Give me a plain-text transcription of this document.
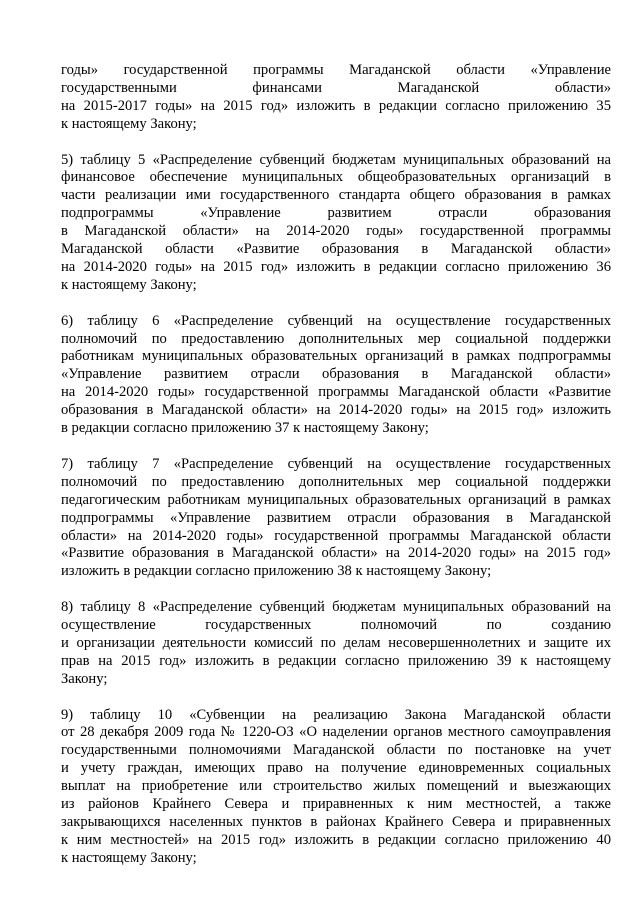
годы» государственной программы Магаданской области «Управление
государственными финансами Магаданской области»
на 2015-2017 годы» на 2015 год» изложить в редакции согласно приложению 35
к настоящему Закону;

5) таблицу 5 «Распределение субвенций бюджетам муниципальных образований на
финансовое обеспечение муниципальных общеобразовательных организаций в
части реализации ими государственного стандарта общего образования в рамках
подпрограммы «Управление развитием отрасли образования
в Магаданской области» на 2014-2020 годы» государственной программы
Магаданской области «Развитие образования в Магаданской области»
на 2014-2020 годы» на 2015 год» изложить в редакции согласно приложению 36
к настоящему Закону;

6) таблицу 6 «Распределение субвенций на осуществление государственных
полномочий по предоставлению дополнительных мер социальной поддержки
работникам муниципальных образовательных организаций в рамках подпрограммы
«Управление развитием отрасли образования в Магаданской области»
на 2014-2020 годы» государственной программы Магаданской области «Развитие
образования в Магаданской области» на 2014-2020 годы» на 2015 год» изложить
в редакции согласно приложению 37 к настоящему Закону;

7) таблицу 7 «Распределение субвенций на осуществление государственных
полномочий по предоставлению дополнительных мер социальной поддержки
педагогическим работникам муниципальных образовательных организаций в рамках
подпрограммы «Управление развитием отрасли образования в Магаданской
области» на 2014-2020 годы» государственной программы Магаданской области
«Развитие образования в Магаданской области» на 2014-2020 годы» на 2015 год»
изложить в редакции согласно приложению 38 к настоящему Закону;

8) таблицу 8 «Распределение субвенций бюджетам муниципальных образований на
осуществление государственных полномочий по созданию
и организации деятельности комиссий по делам несовершеннолетних и защите их
прав на 2015 год» изложить в редакции согласно приложению 39 к настоящему
Закону;

9) таблицу 10 «Субвенции на реализацию Закона Магаданской области
от 28 декабря 2009 года № 1220-ОЗ «О наделении органов местного самоуправления
государственными полномочиями Магаданской области по постановке на учет
и учету граждан, имеющих право на получение единовременных социальных
выплат на приобретение или строительство жилых помещений и выезжающих
из районов Крайнего Севера и приравненных к ним местностей, а также
закрывающихся населенных пунктов в районах Крайнего Севера и приравненных
к ним местностей» на 2015 год» изложить в редакции согласно приложению 40
к настоящему Закону;
